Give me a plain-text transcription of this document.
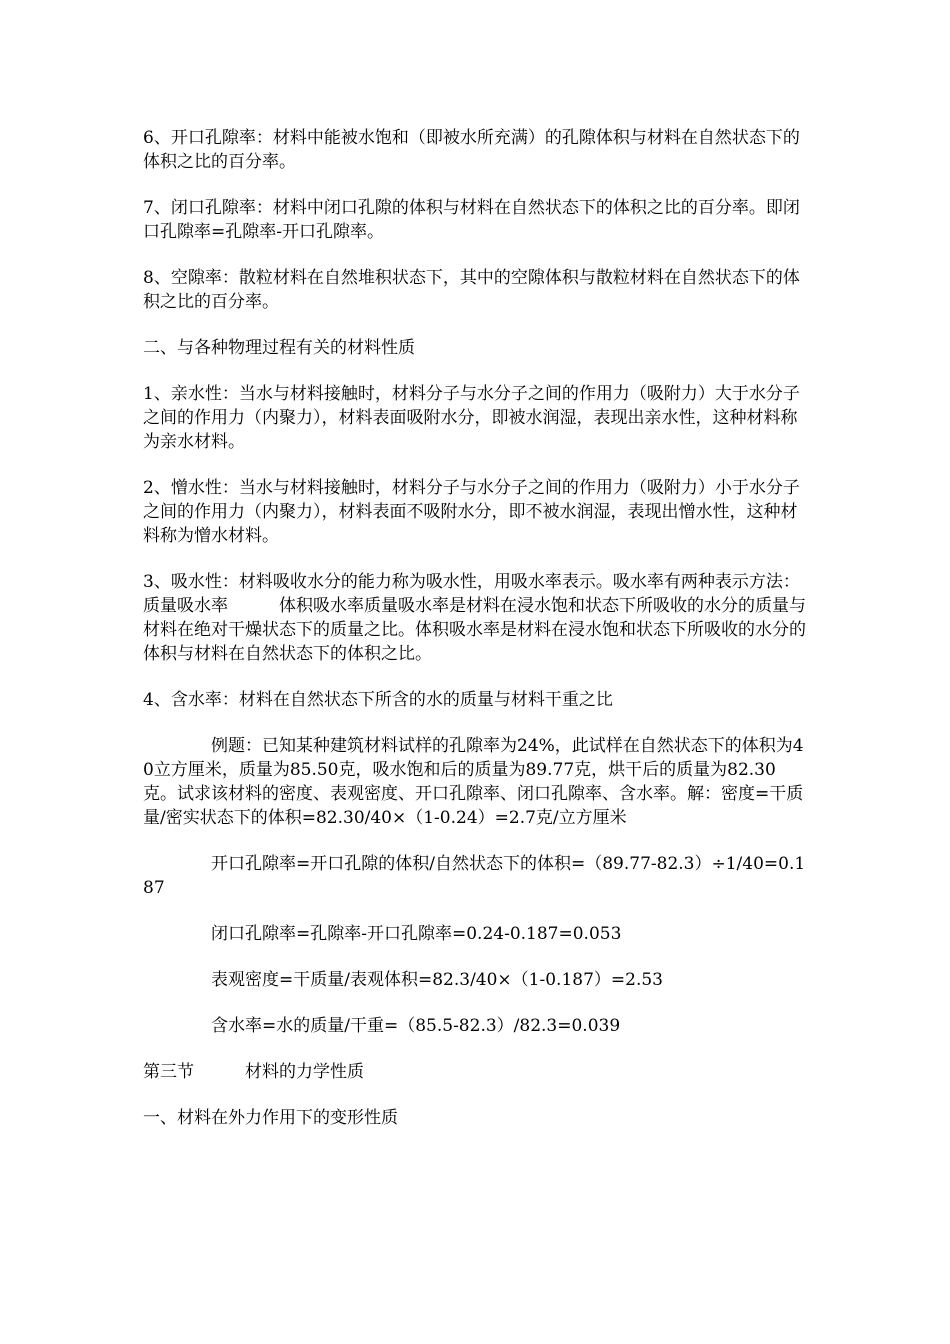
6、开口孔隙率：材料中能被水饱和（即被水所充满）的孔隙体积与材料在自然状态下的体积之比的百分率。

7、闭口孔隙率：材料中闭口孔隙的体积与材料在自然状态下的体积之比的百分率。即闭口孔隙率=孔隙率-开口孔隙率。

8、空隙率：散粒材料在自然堆积状态下，其中的空隙体积与散粒材料在自然状态下的体积之比的百分率。

二、与各种物理过程有关的材料性质

1、亲水性：当水与材料接触时，材料分子与水分子之间的作用力（吸附力）大于水分子之间的作用力（内聚力），材料表面吸附水分，即被水润湿，表现出亲水性，这种材料称为亲水材料。

2、憎水性：当水与材料接触时，材料分子与水分子之间的作用力（吸附力）小于水分子之间的作用力（内聚力），材料表面不吸附水分，即不被水润湿，表现出憎水性，这种材料称为憎水材料。

3、吸水性：材料吸收水分的能力称为吸水性，用吸水率表示。吸水率有两种表示方法：质量吸水率　　　体积吸水率质量吸水率是材料在浸水饱和状态下所吸收的水分的质量与材料在绝对干燥状态下的质量之比。体积吸水率是材料在浸水饱和状态下所吸收的水分的体积与材料在自然状态下的体积之比。

4、含水率：材料在自然状态下所含的水的质量与材料干重之比

例题：已知某种建筑材料试样的孔隙率为24%，此试样在自然状态下的体积为40立方厘米，质量为85.50克，吸水饱和后的质量为89.77克，烘干后的质量为82.30克。试求该材料的密度、表观密度、开口孔隙率、闭口孔隙率、含水率。解：密度=干质量/密实状态下的体积=82.30/40×（1-0.24）=2.7克/立方厘米

开口孔隙率=开口孔隙的体积/自然状态下的体积=（89.77-82.3）÷1/40=0.187

闭口孔隙率=孔隙率-开口孔隙率=0.24-0.187=0.053

表观密度=干质量/表观体积=82.3/40×（1-0.187）=2.53

含水率=水的质量/干重=（85.5-82.3）/82.3=0.039

第三节　　　材料的力学性质

一、材料在外力作用下的变形性质
